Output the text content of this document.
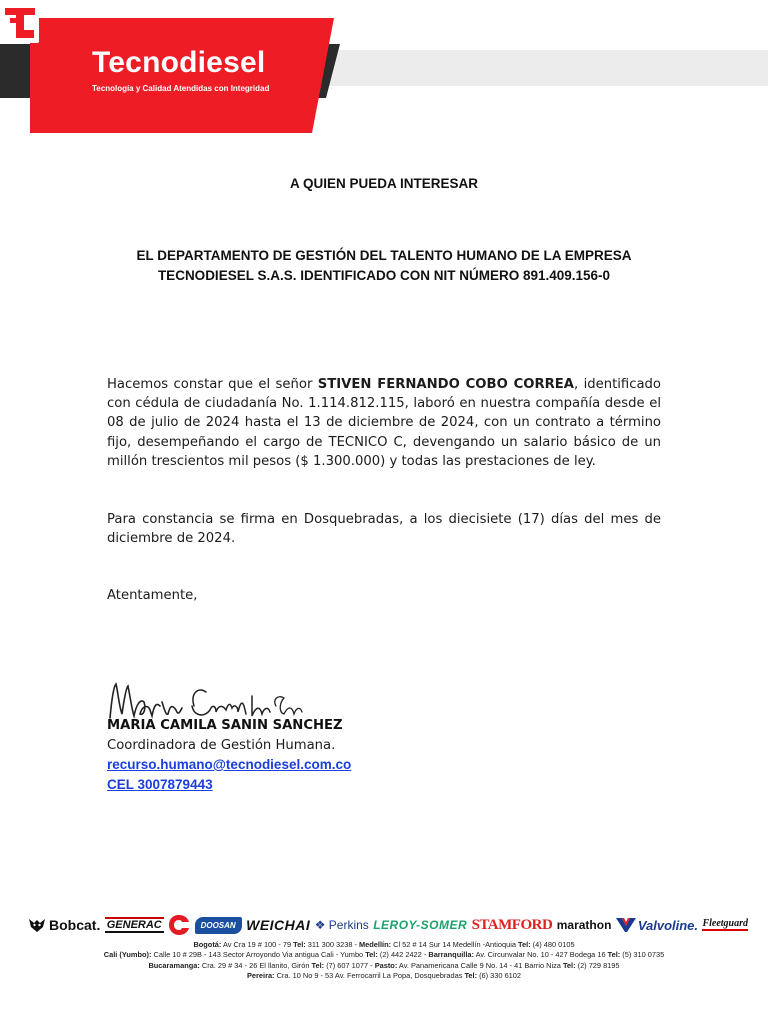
Tecnodiesel
Tecnología y Calidad Atendidas con Integridad
A QUIEN PUEDA INTERESAR
EL DEPARTAMENTO DE GESTIÓN DEL TALENTO HUMANO DE LA EMPRESA
TECNODIESEL S.A.S. IDENTIFICADO CON NIT NÚMERO 891.409.156-0
Hacemos constar que el señor STIVEN FERNANDO COBO CORREA, identificado con cédula de ciudadanía No. 1.114.812.115, laboró en nuestra compañía desde el 08 de julio de 2024 hasta el 13 de diciembre de 2024, con un contrato a término fijo, desempeñando el cargo de TECNICO C, devengando un salario básico de un millón trescientos mil pesos ($ 1.300.000) y todas las prestaciones de ley.
Para constancia se firma en Dosquebradas, a los diecisiete (17) días del mes de diciembre de 2024.
Atentamente,
MARIA CAMILA SANIN SANCHEZ
Coordinadora de Gestión Humana.
recurso.humano@tecnodiesel.com.co
CEL 3007879443
Bobcat. GENERAC	DOOSAN WEICHAI ❖ Perkins LEROY-SOMER STAMFORD marathon Valvoline. Fleetguard
Bogotá: Av Cra 19 # 100 - 79 Tel: 311 300 3238 - Medellín: Cl 52 # 14 Sur 14 Medellín -Antioquia Tel: (4) 480 0105
Cali (Yumbo): Calle 10 # 29B - 143 Sector Arroyondo Via antigua Cali - Yumbo Tel: (2) 442 2422 - Barranquilla: Av. Circunvalar No. 10 - 427 Bodega 16 Tel: (5) 310 0735
Bucaramanga: Cra. 29 # 34 - 26 El llanito, Girón Tel: (7) 607 1077 - Pasto: Av. Panamericana Calle 9 No. 14 - 41 Barrio Niza Tel: (2) 729 8195
Pereira: Cra. 10 No 9 - 53 Av. Ferrocarril La Popa, Dosquebradas Tel: (6) 330 6102
